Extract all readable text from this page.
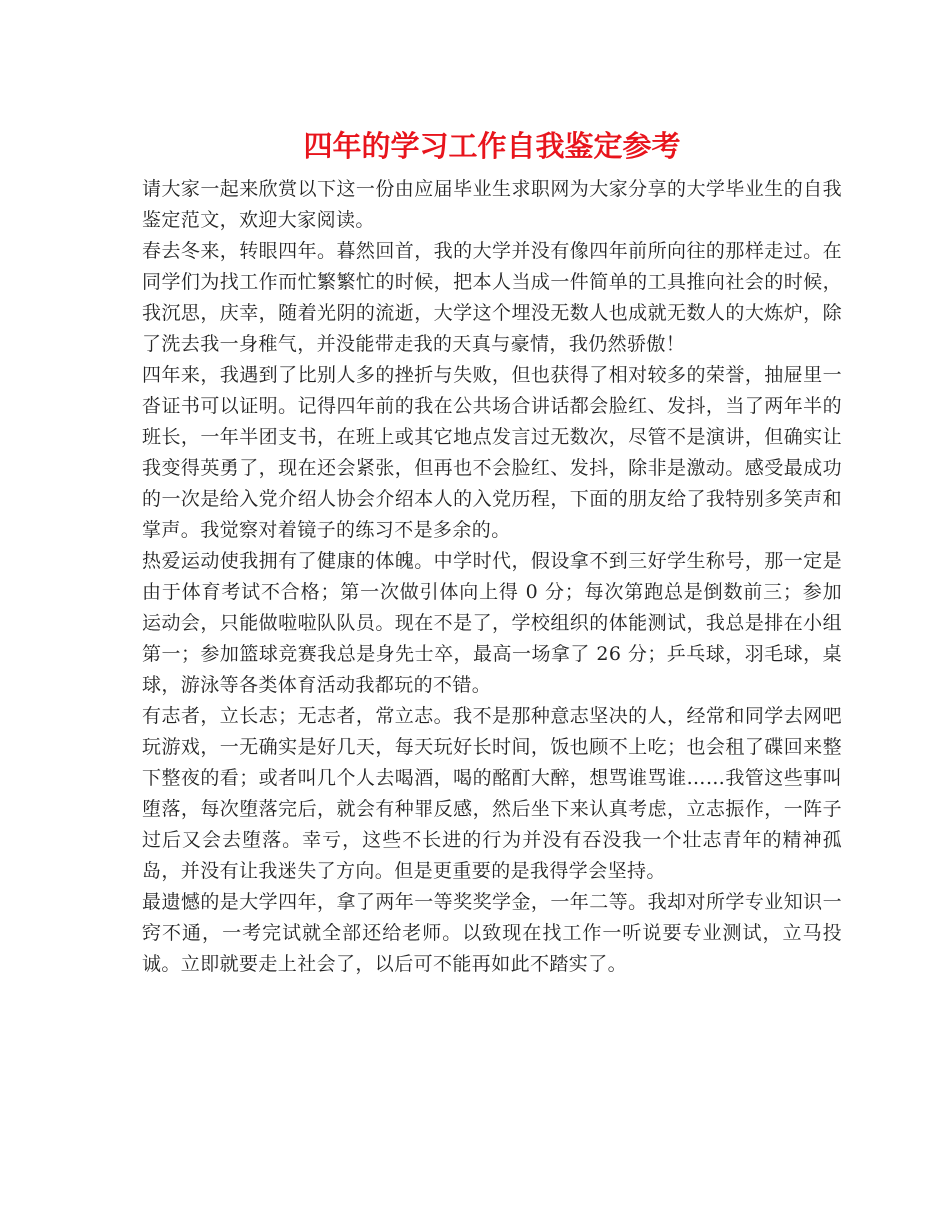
四年的学习工作自我鉴定参考

请大家一起来欣赏以下这一份由应届毕业生求职网为大家分享的大学毕业生的自我鉴定范文，欢迎大家阅读。

春去冬来，转眼四年。暮然回首，我的大学并没有像四年前所向往的那样走过。在同学们为找工作而忙繁繁忙的时候，把本人当成一件简单的工具推向社会的时候，我沉思，庆幸，随着光阴的流逝，大学这个埋没无数人也成就无数人的大炼炉，除了洗去我一身稚气，并没能带走我的天真与豪情，我仍然骄傲！

四年来，我遇到了比别人多的挫折与失败，但也获得了相对较多的荣誉，抽屉里一沓证书可以证明。记得四年前的我在公共场合讲话都会脸红、发抖，当了两年半的班长，一年半团支书，在班上或其它地点发言过无数次，尽管不是演讲，但确实让我变得英勇了，现在还会紧张，但再也不会脸红、发抖，除非是激动。感受最成功的一次是给入党介绍人协会介绍本人的入党历程，下面的朋友给了我特别多笑声和掌声。我觉察对着镜子的练习不是多余的。

热爱运动使我拥有了健康的体魄。中学时代，假设拿不到三好学生称号，那一定是由于体育考试不合格；第一次做引体向上得 0 分；每次第跑总是倒数前三；参加运动会，只能做啦啦队队员。现在不是了，学校组织的体能测试，我总是排在小组第一；参加篮球竞赛我总是身先士卒，最高一场拿了 26 分；乒乓球，羽毛球，桌球，游泳等各类体育活动我都玩的不错。

有志者，立长志；无志者，常立志。我不是那种意志坚决的人，经常和同学去网吧玩游戏，一无确实是好几天，每天玩好长时间，饭也顾不上吃；也会租了碟回来整下整夜的看；或者叫几个人去喝酒，喝的酩酊大醉，想骂谁骂谁……我管这些事叫堕落，每次堕落完后，就会有种罪反感，然后坐下来认真考虑，立志振作，一阵子过后又会去堕落。幸亏，这些不长进的行为并没有吞没我一个壮志青年的精神孤岛，并没有让我迷失了方向。但是更重要的是我得学会坚持。

最遗憾的是大学四年，拿了两年一等奖奖学金，一年二等。我却对所学专业知识一窍不通，一考完试就全部还给老师。以致现在找工作一听说要专业测试，立马投诚。立即就要走上社会了，以后可不能再如此不踏实了。
